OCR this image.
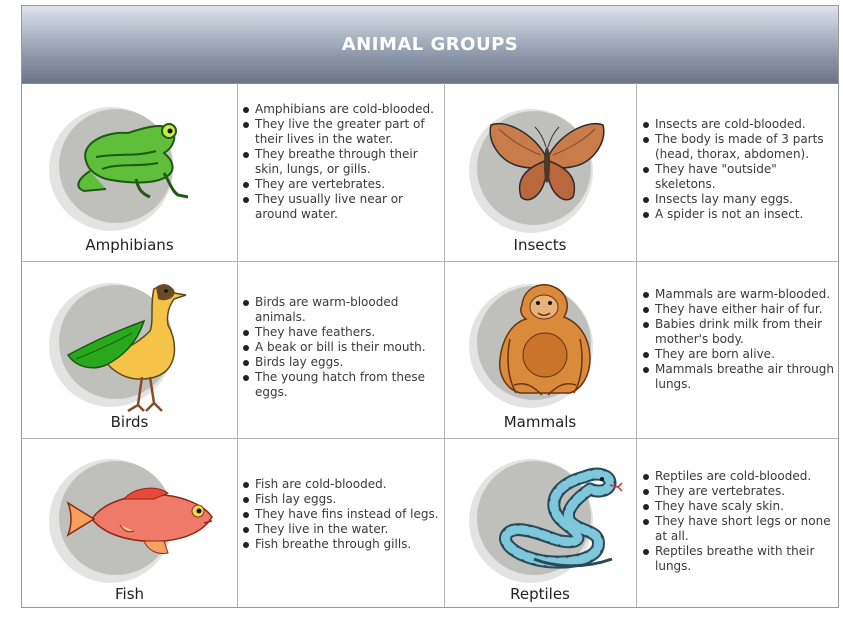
ANIMAL GROUPS
Amphibians
Amphibians are cold-blooded.
They live the greater part of their lives in the water.
They breathe through their skin, lungs, or gills.
They are vertebrates.
They usually live near or around water.
Insects
Insects are cold-blooded.
The body is made of 3 parts (head, thorax, abdomen).
They have "outside" skeletons.
Insects lay many eggs.
A spider is not an insect.
Birds
Birds are warm-blooded animals.
They have feathers.
A beak or bill is their mouth.
Birds lay eggs.
The young hatch from these eggs.
Mammals
Mammals are warm-blooded.
They have either hair of fur.
Babies drink milk from their mother's body.
They are born alive.
Mammals breathe air through lungs.
Fish
Fish are cold-blooded.
Fish lay eggs.
They have fins instead of legs.
They live in the water.
Fish breathe through gills.
Reptiles
Reptiles are cold-blooded.
They are vertebrates.
They have scaly skin.
They have short legs or none at all.
Reptiles breathe with their lungs.
